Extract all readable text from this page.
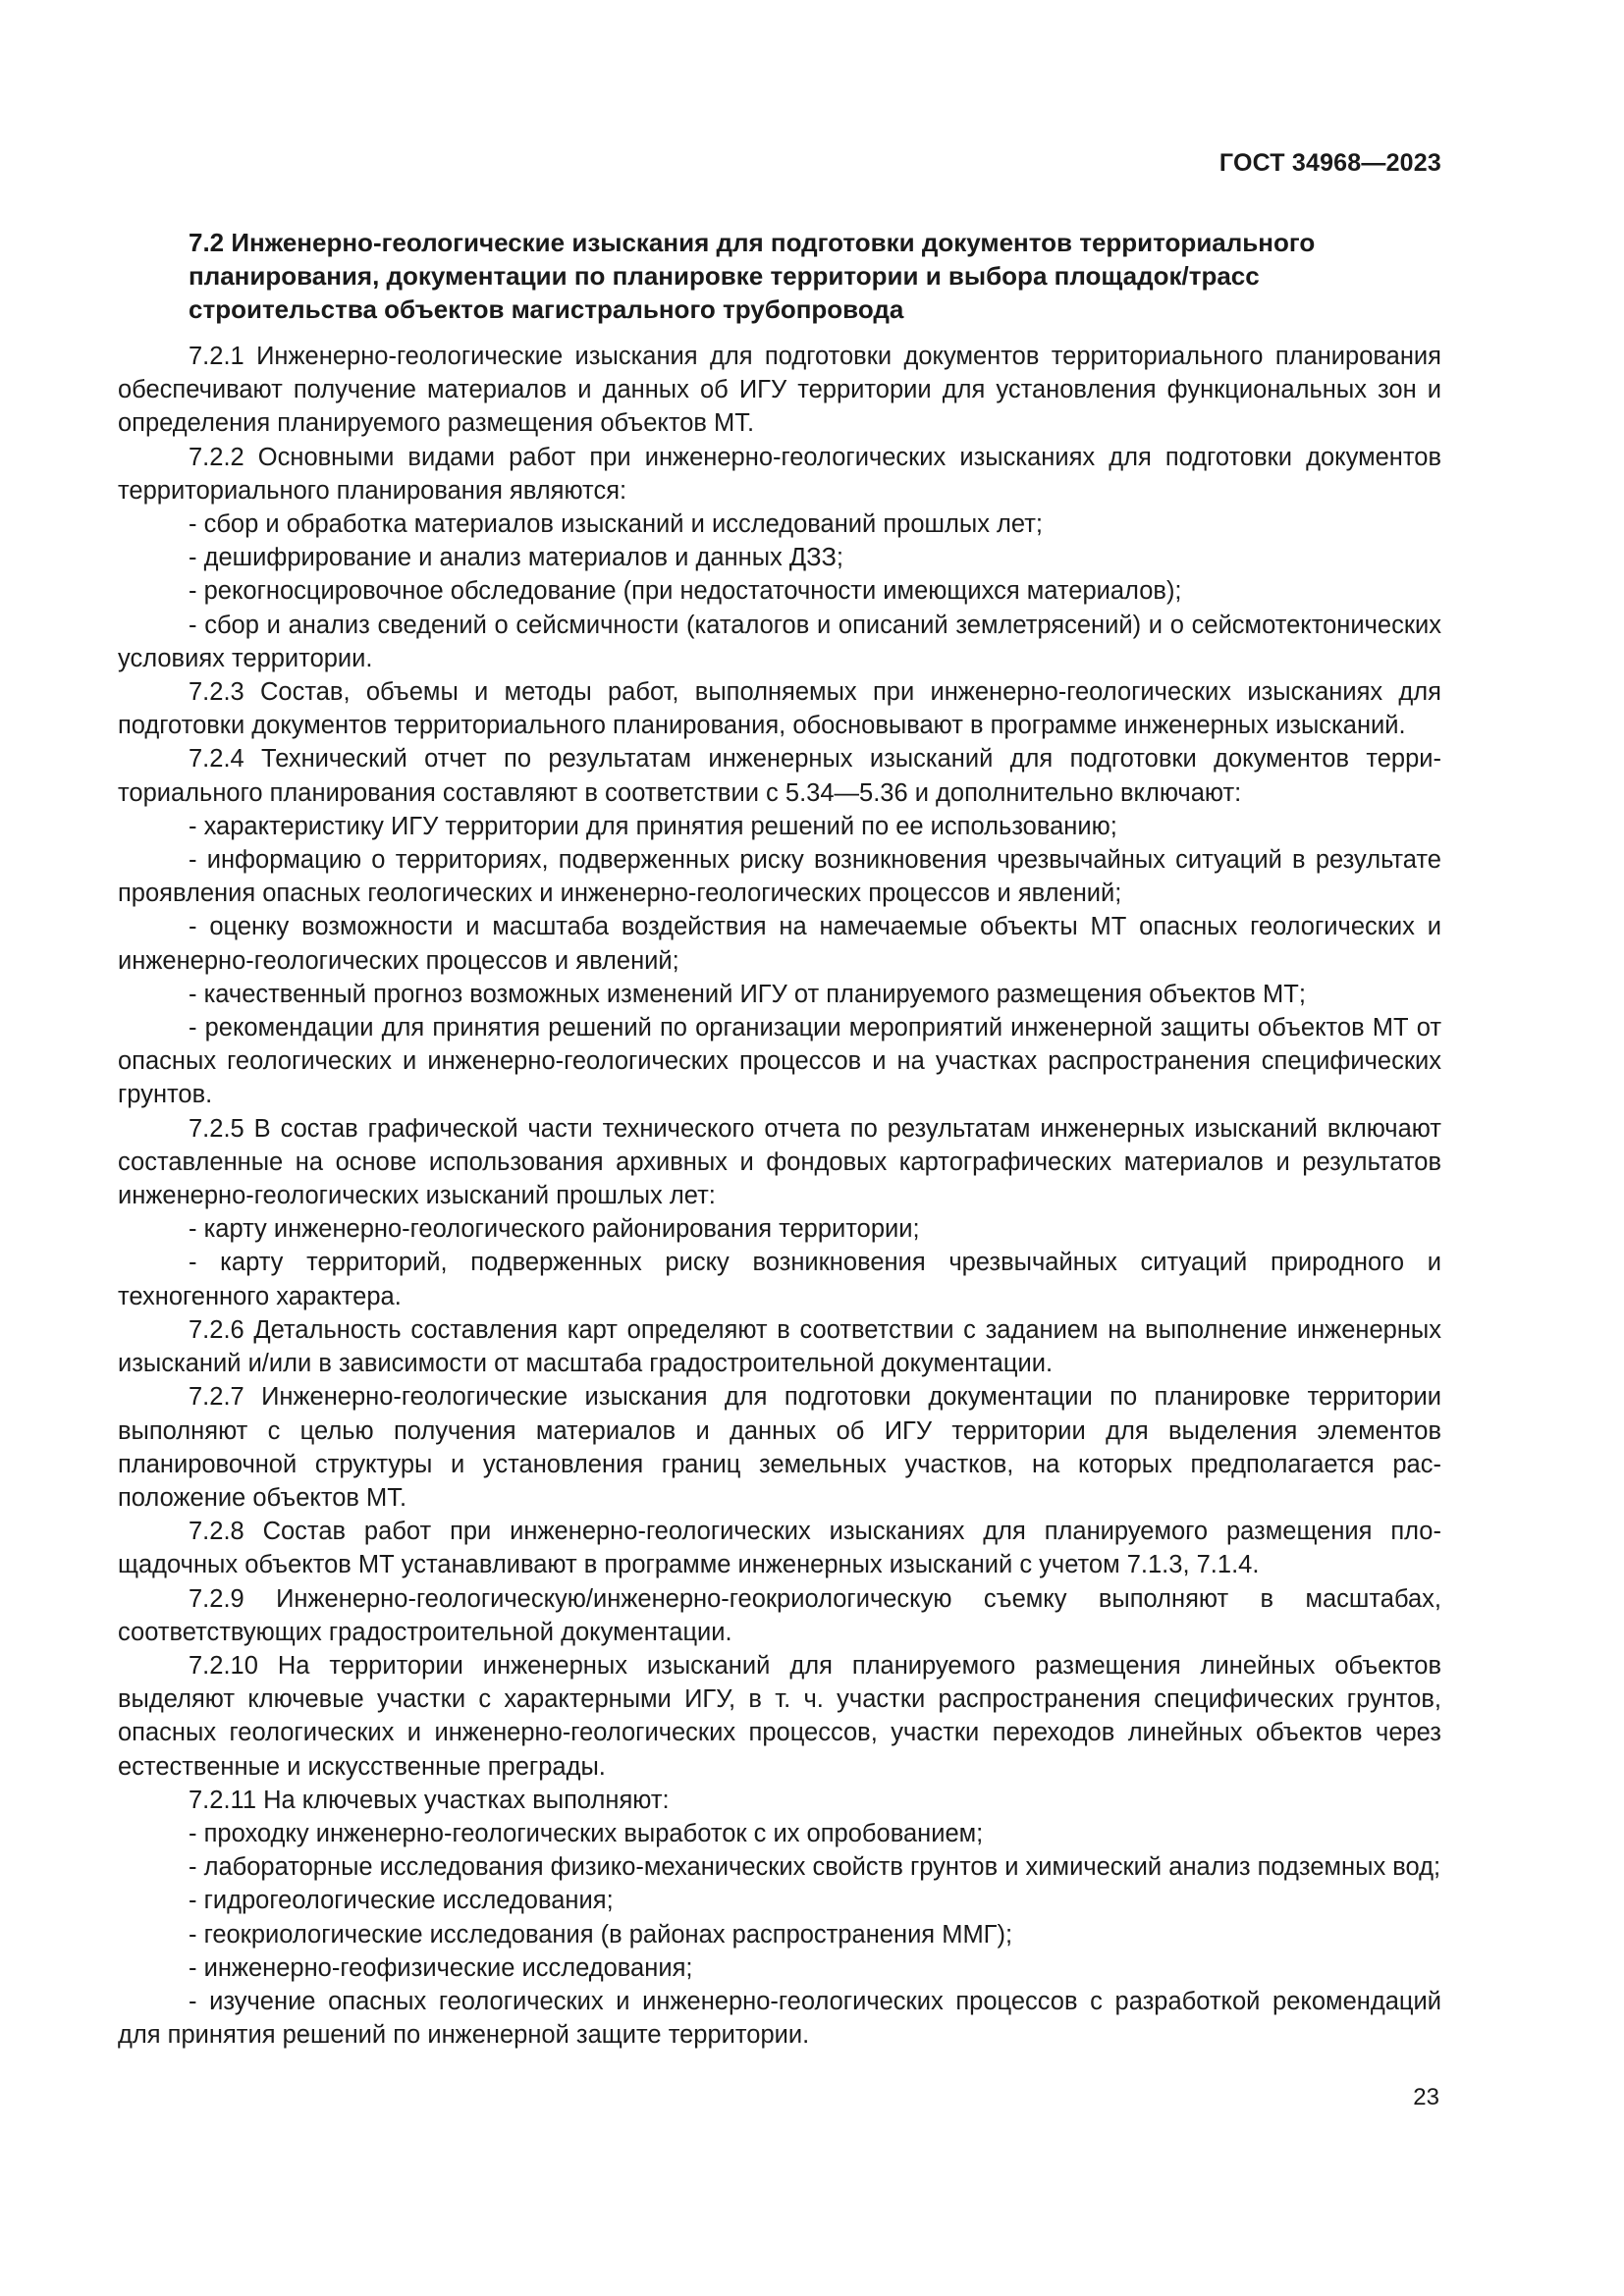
ГОСТ 34968—2023

7.2 Инженерно-геологические изыскания для подготовки документов территориального планирования, документации по планировке территории и выбора площадок/трасс строительства объектов магистрального трубопровода

7.2.1 Инженерно-геологические изыскания для подготовки документов территориального планирования обеспечивают получение материалов и данных об ИГУ территории для установления функциональных зон и определения планируемого размещения объектов МТ.

7.2.2 Основными видами работ при инженерно-геологических изысканиях для подготовки документов территориального планирования являются:

- сбор и обработка материалов изысканий и исследований прошлых лет;

- дешифрирование и анализ материалов и данных ДЗЗ;

- рекогносцировочное обследование (при недостаточности имеющихся материалов);

- сбор и анализ сведений о сейсмичности (каталогов и описаний землетрясений) и о сейсмотектонических условиях территории.

7.2.3 Состав, объемы и методы работ, выполняемых при инженерно-геологических изысканиях для подготовки документов территориального планирования, обосновывают в программе инженерных изысканий.

7.2.4 Технический отчет по результатам инженерных изысканий для подготовки документов территориального планирования составляют в соответствии с 5.34—5.36 и дополнительно включают:

- характеристику ИГУ территории для принятия решений по ее использованию;

- информацию о территориях, подверженных риску возникновения чрезвычайных ситуаций в результате проявления опасных геологических и инженерно-геологических процессов и явлений;

- оценку возможности и масштаба воздействия на намечаемые объекты МТ опасных геологических и инженерно-геологических процессов и явлений;

- качественный прогноз возможных изменений ИГУ от планируемого размещения объектов МТ;

- рекомендации для принятия решений по организации мероприятий инженерной защиты объектов МТ от опасных геологических и инженерно-геологических процессов и на участках распространения специфических грунтов.

7.2.5 В состав графической части технического отчета по результатам инженерных изысканий включают составленные на основе использования архивных и фондовых картографических материалов и результатов инженерно-геологических изысканий прошлых лет:

- карту инженерно-геологического районирования территории;

- карту территорий, подверженных риску возникновения чрезвычайных ситуаций природного и техногенного характера.

7.2.6 Детальность составления карт определяют в соответствии с заданием на выполнение инженерных изысканий и/или в зависимости от масштаба градостроительной документации.

7.2.7 Инженерно-геологические изыскания для подготовки документации по планировке территории выполняют с целью получения материалов и данных об ИГУ территории для выделения элементов планировочной структуры и установления границ земельных участков, на которых предполагается расположение объектов МТ.

7.2.8 Состав работ при инженерно-геологических изысканиях для планируемого размещения площадочных объектов МТ устанавливают в программе инженерных изысканий с учетом 7.1.3, 7.1.4.

7.2.9 Инженерно-геологическую/инженерно-геокриологическую съемку выполняют в масштабах, соответствующих градостроительной документации.

7.2.10 На территории инженерных изысканий для планируемого размещения линейных объектов выделяют ключевые участки с характерными ИГУ, в т. ч. участки распространения специфических грунтов, опасных геологических и инженерно-геологических процессов, участки переходов линейных объектов через естественные и искусственные преграды.

7.2.11 На ключевых участках выполняют:

- проходку инженерно-геологических выработок с их опробованием;

- лабораторные исследования физико-механических свойств грунтов и химический анализ подземных вод;

- гидрогеологические исследования;

- геокриологические исследования (в районах распространения ММГ);

- инженерно-геофизические исследования;

- изучение опасных геологических и инженерно-геологических процессов с разработкой рекомендаций для принятия решений по инженерной защите территории.

23
